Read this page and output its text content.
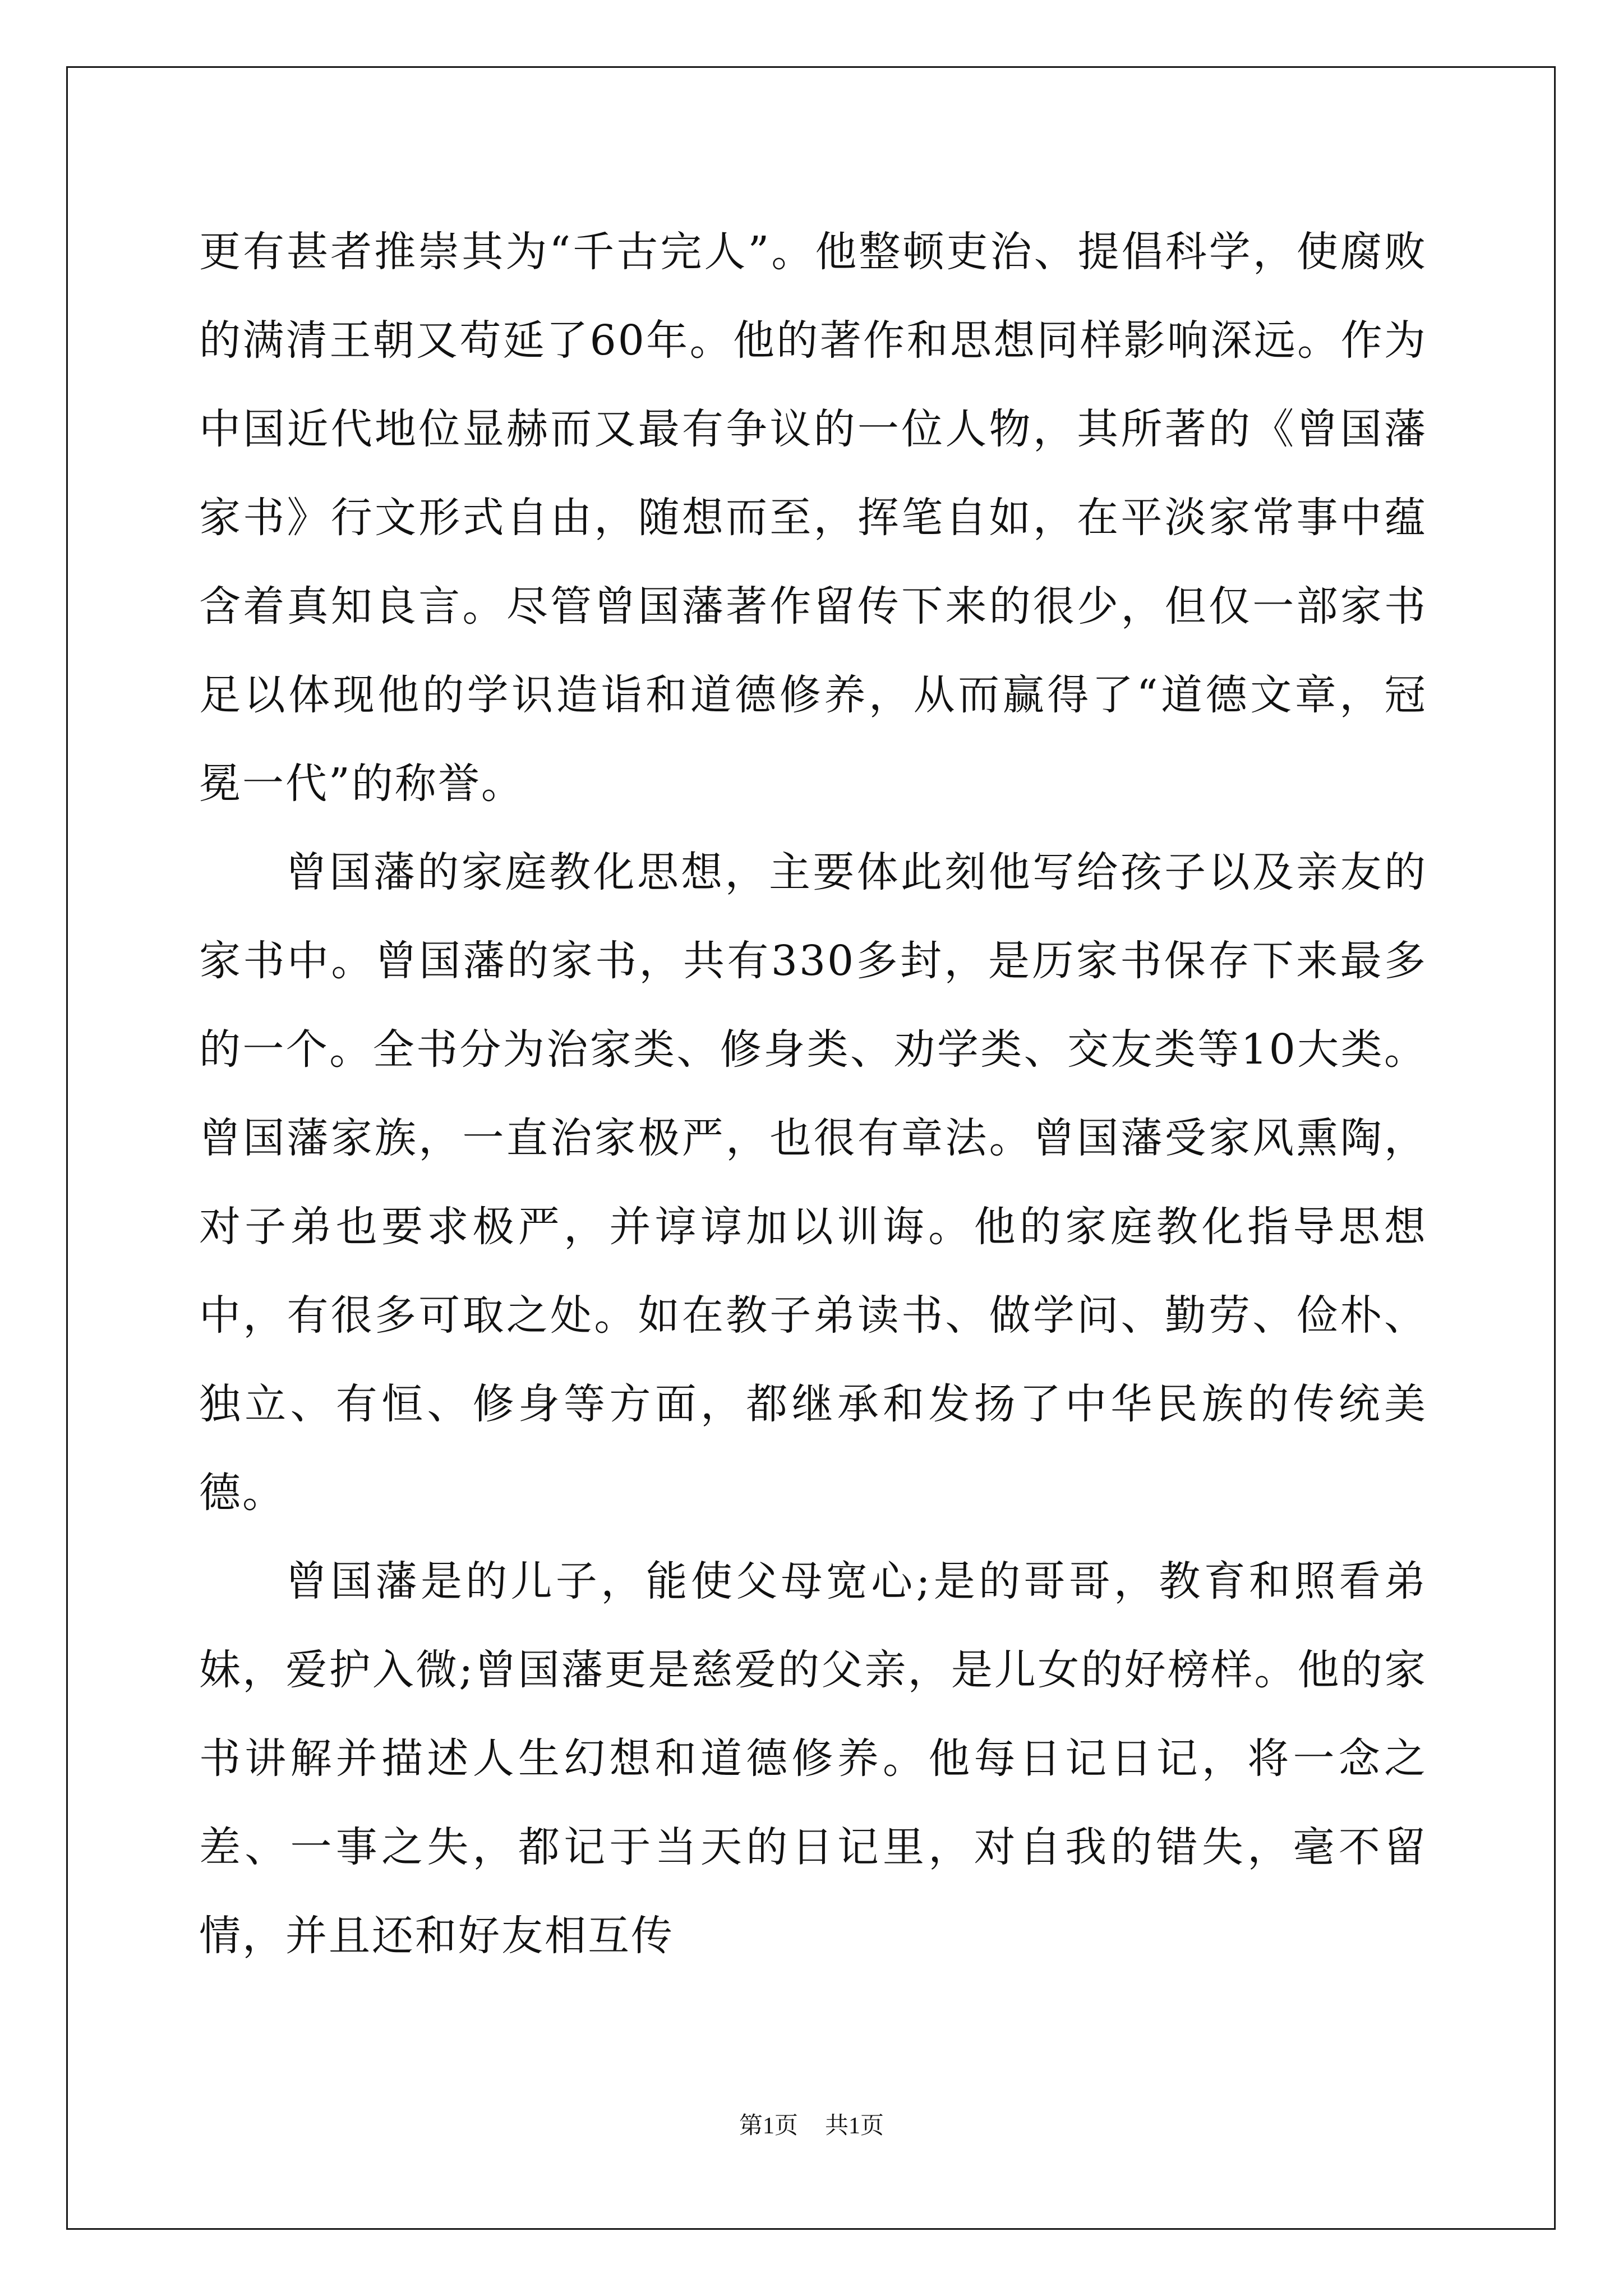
更有甚者推崇其为“千古完人”。他整顿吏治、提倡科学，使腐败的满清王朝又苟延了60年。他的著作和思想同样影响深远。作为中国近代地位显赫而又最有争议的一位人物，其所著的《曾国藩家书》行文形式自由，随想而至，挥笔自如，在平淡家常事中蕴含着真知良言。尽管曾国藩著作留传下来的很少，但仅一部家书足以体现他的学识造诣和道德修养，从而赢得了“道德文章，冠冕一代”的称誉。

曾国藩的家庭教化思想，主要体此刻他写给孩子以及亲友的家书中。曾国藩的家书，共有330多封，是历家书保存下来最多的一个。全书分为治家类、修身类、劝学类、交友类等10大类。曾国藩家族，一直治家极严，也很有章法。曾国藩受家风熏陶，对子弟也要求极严，并谆谆加以训诲。他的家庭教化指导思想中，有很多可取之处。如在教子弟读书、做学问、勤劳、俭朴、独立、有恒、修身等方面，都继承和发扬了中华民族的传统美德。

曾国藩是的儿子，能使父母宽心;是的哥哥，教育和照看弟妹，爱护入微;曾国藩更是慈爱的父亲，是儿女的好榜样。他的家书讲解并描述人生幻想和道德修养。他每日记日记，将一念之差、一事之失，都记于当天的日记里，对自我的错失，毫不留情，并且还和好友相互传

第1页 共1页
